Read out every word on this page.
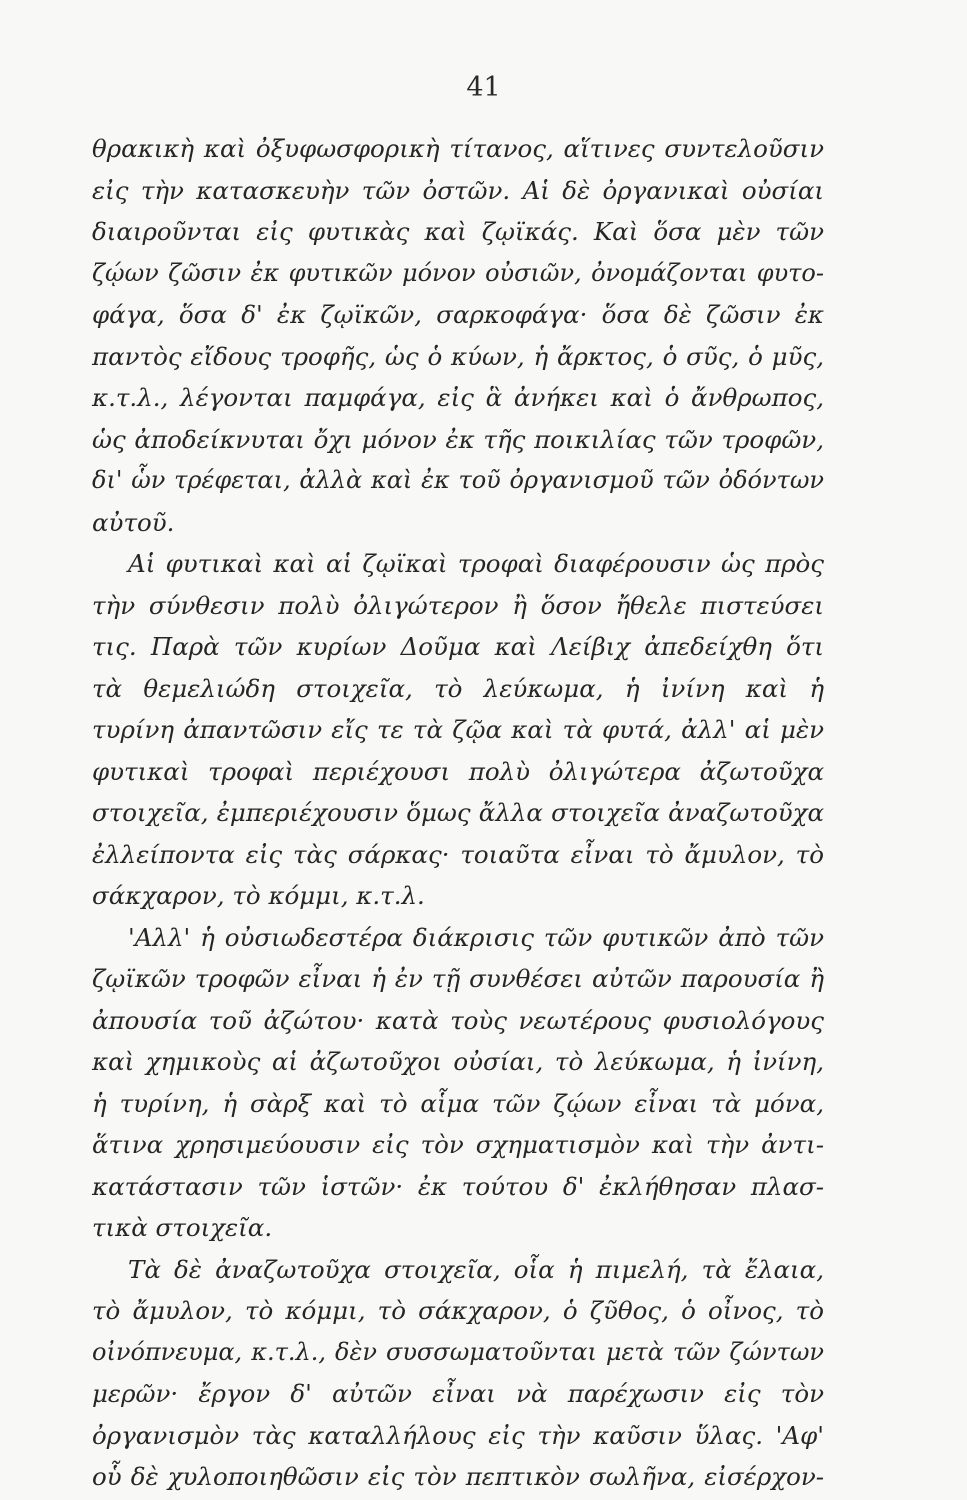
41
θρακικὴ καὶ ὀξυφωσφορικὴ τίτανος, αἵτινες συντελοῦσιν
εἰς τὴν κατασκευὴν τῶν ὀστῶν. Αἱ δὲ ὀργανικαὶ οὐσίαι
διαιροῦνται εἰς φυτικὰς καὶ ζῳϊκάς. Καὶ ὅσα μὲν τῶν
ζῴων ζῶσιν ἐκ φυτικῶν μόνον οὐσιῶν, ὀνομάζονται φυτο-
φάγα, ὅσα δ' ἐκ ζῳϊκῶν, σαρκοφάγα· ὅσα δὲ ζῶσιν ἐκ
παντὸς εἴδους τροφῆς, ὡς ὁ κύων, ἡ ἄρκτος, ὁ σῦς, ὁ μῦς,
κ.τ.λ., λέγονται παμφάγα, εἰς ἃ ἀνήκει καὶ ὁ ἄνθρωπος,
ὡς ἀποδείκνυται ὄχι μόνον ἐκ τῆς ποικιλίας τῶν τροφῶν,
δι' ὧν τρέφεται, ἀλλὰ καὶ ἐκ τοῦ ὀργανισμοῦ τῶν ὀδόντων
αὐτοῦ.
Αἱ φυτικαὶ καὶ αἱ ζῳϊκαὶ τροφαὶ διαφέρουσιν ὡς πρὸς
τὴν σύνθεσιν πολὺ ὀλιγώτερον ἢ ὅσον ἤθελε πιστεύσει
τις. Παρὰ τῶν κυρίων Δοῦμα καὶ Λείβιχ ἀπεδείχθη ὅτι
τὰ θεμελιώδη στοιχεῖα, τὸ λεύκωμα, ἡ ἰνίνη καὶ ἡ
τυρίνη ἀπαντῶσιν εἴς τε τὰ ζῷα καὶ τὰ φυτά, ἀλλ' αἱ μὲν
φυτικαὶ τροφαὶ περιέχουσι πολὺ ὀλιγώτερα ἀζωτοῦχα
στοιχεῖα, ἐμπεριέχουσιν ὅμως ἄλλα στοιχεῖα ἀναζωτοῦχα
ἐλλείποντα εἰς τὰς σάρκας· τοιαῦτα εἶναι τὸ ἄμυλον, τὸ
σάκχαρον, τὸ κόμμι, κ.τ.λ.
'Αλλ' ἡ οὐσιωδεστέρα διάκρισις τῶν φυτικῶν ἀπὸ τῶν
ζῳϊκῶν τροφῶν εἶναι ἡ ἐν τῇ συνθέσει αὐτῶν παρουσία ἢ
ἀπουσία τοῦ ἀζώτου· κατὰ τοὺς νεωτέρους φυσιολόγους
καὶ χημικοὺς αἱ ἀζωτοῦχοι οὐσίαι, τὸ λεύκωμα, ἡ ἰνίνη,
ἡ τυρίνη, ἡ σὰρξ καὶ τὸ αἷμα τῶν ζῴων εἶναι τὰ μόνα,
ἅτινα χρησιμεύουσιν εἰς τὸν σχηματισμὸν καὶ τὴν ἀντι-
κατάστασιν τῶν ἱστῶν· ἐκ τούτου δ' ἐκλήθησαν πλασ-
τικὰ στοιχεῖα.
Τὰ δὲ ἀναζωτοῦχα στοιχεῖα, οἷα ἡ πιμελή, τὰ ἔλαια,
τὸ ἄμυλον, τὸ κόμμι, τὸ σάκχαρον, ὁ ζῦθος, ὁ οἶνος, τὸ
οἰνόπνευμα, κ.τ.λ., δὲν συσσωματοῦνται μετὰ τῶν ζώντων
μερῶν· ἔργον δ' αὐτῶν εἶναι νὰ παρέχωσιν εἰς τὸν
ὀργανισμὸν τὰς καταλλήλους εἰς τὴν καῦσιν ὕλας. 'Αφ'
οὗ δὲ χυλοποιηθῶσιν εἰς τὸν πεπτικὸν σωλῆνα, εἰσέρχον-
